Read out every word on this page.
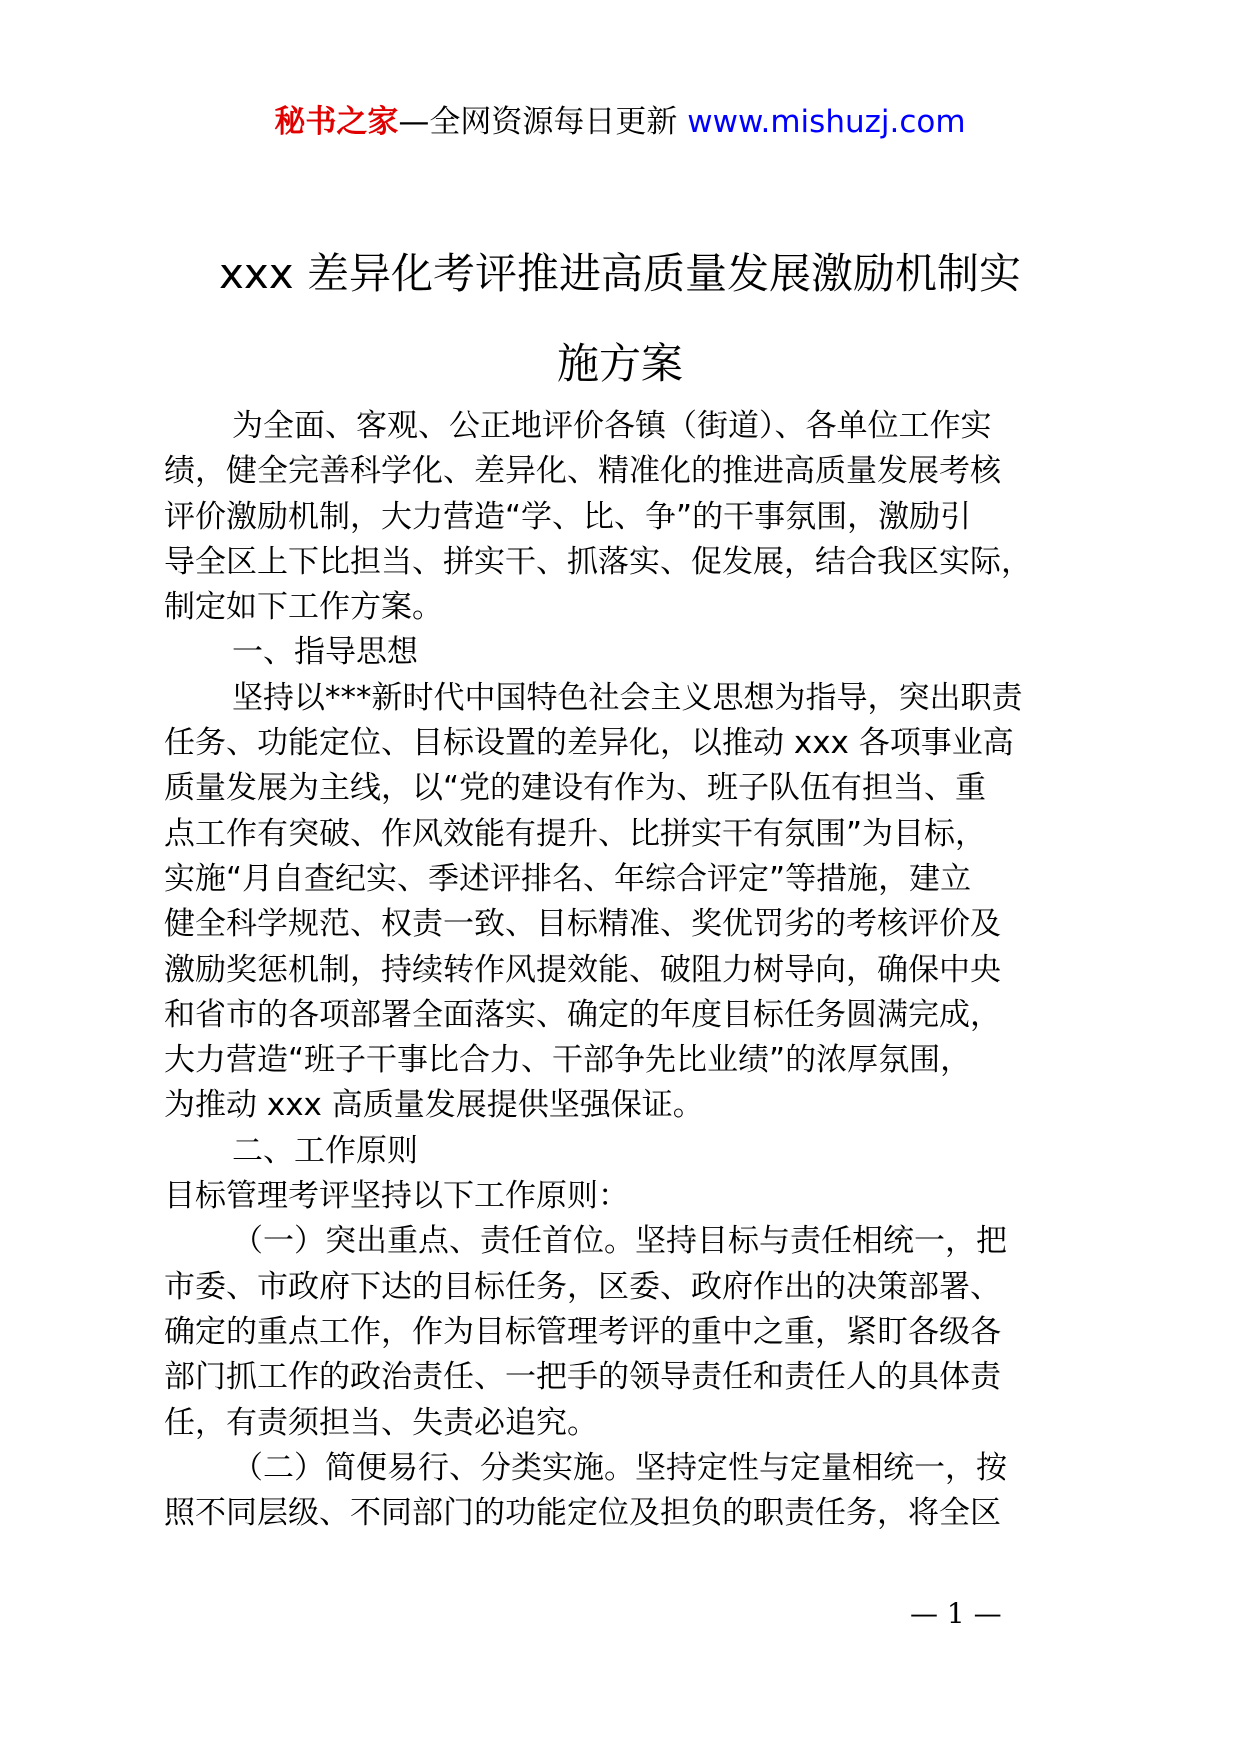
秘书之家—全网资源每日更新 www.mishuzj.com
xxx 差异化考评推进高质量发展激励机制实
施方案
为全面、客观、公正地评价各镇（街道）、各单位工作实
绩，健全完善科学化、差异化、精准化的推进高质量发展考核
评价激励机制，大力营造“学、比、争”的干事氛围，激励引
导全区上下比担当、拼实干、抓落实、促发展，结合我区实际，
制定如下工作方案。
一、指导思想
坚持以***新时代中国特色社会主义思想为指导，突出职责
任务、功能定位、目标设置的差异化，以推动 xxx 各项事业高
质量发展为主线，以“党的建设有作为、班子队伍有担当、重
点工作有突破、作风效能有提升、比拼实干有氛围”为目标，
实施“月自查纪实、季述评排名、年综合评定”等措施，建立
健全科学规范、权责一致、目标精准、奖优罚劣的考核评价及
激励奖惩机制，持续转作风提效能、破阻力树导向，确保中央
和省市的各项部署全面落实、确定的年度目标任务圆满完成，
大力营造“班子干事比合力、干部争先比业绩”的浓厚氛围，
为推动 xxx 高质量发展提供坚强保证。
二、工作原则
目标管理考评坚持以下工作原则：
（一）突出重点、责任首位。坚持目标与责任相统一，把
市委、市政府下达的目标任务，区委、政府作出的决策部署、
确定的重点工作，作为目标管理考评的重中之重，紧盯各级各
部门抓工作的政治责任、一把手的领导责任和责任人的具体责
任，有责须担当、失责必追究。
（二）简便易行、分类实施。坚持定性与定量相统一，按
照不同层级、不同部门的功能定位及担负的职责任务，将全区
— 1 —
